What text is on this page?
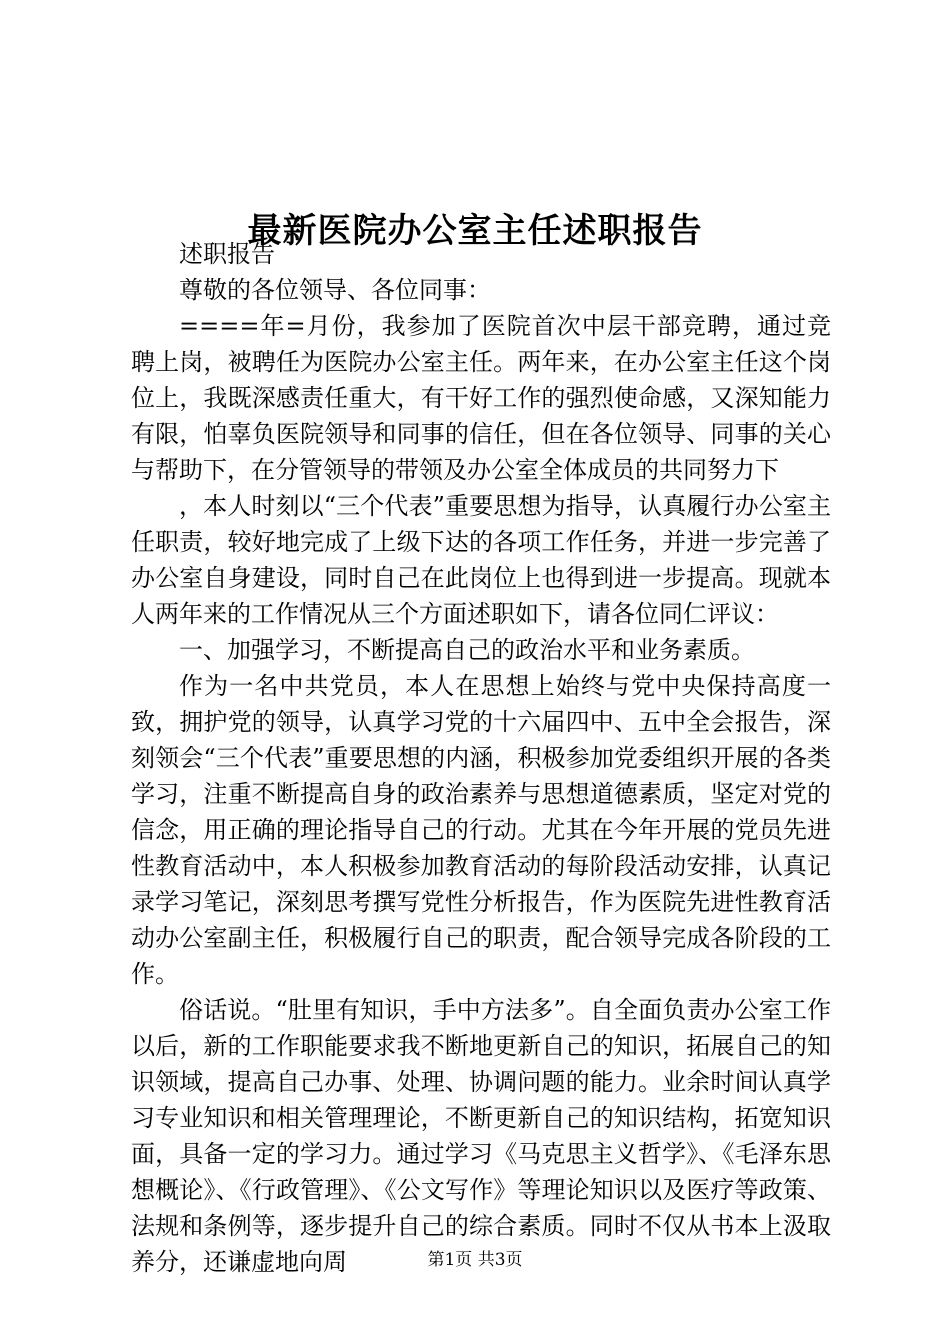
最新医院办公室主任述职报告

述职报告

尊敬的各位领导、各位同事：

====年=月份，我参加了医院首次中层干部竞聘，通过竞聘上岗，被聘任为医院办公室主任。两年来，在办公室主任这个岗位上，我既深感责任重大，有干好工作的强烈使命感，又深知能力有限，怕辜负医院领导和同事的信任，但在各位领导、同事的关心与帮助下，在分管领导的带领及办公室全体成员的共同努力下

，本人时刻以“三个代表”重要思想为指导，认真履行办公室主任职责，较好地完成了上级下达的各项工作任务，并进一步完善了办公室自身建设，同时自己在此岗位上也得到进一步提高。现就本人两年来的工作情况从三个方面述职如下，请各位同仁评议：

一、加强学习，不断提高自己的政治水平和业务素质。

作为一名中共党员，本人在思想上始终与党中央保持高度一致，拥护党的领导，认真学习党的十六届四中、五中全会报告，深刻领会“三个代表”重要思想的内涵，积极参加党委组织开展的各类学习，注重不断提高自身的政治素养与思想道德素质，坚定对党的信念，用正确的理论指导自己的行动。尤其在今年开展的党员先进性教育活动中，本人积极参加教育活动的每阶段活动安排，认真记录学习笔记，深刻思考撰写党性分析报告，作为医院先进性教育活动办公室副主任，积极履行自己的职责，配合领导完成各阶段的工作。

俗话说。“肚里有知识，手中方法多”。自全面负责办公室工作以后，新的工作职能要求我不断地更新自己的知识，拓展自己的知识领域，提高自己办事、处理、协调问题的能力。业余时间认真学习专业知识和相关管理理论，不断更新自己的知识结构，拓宽知识面，具备一定的学习力。通过学习《马克思主义哲学》、《毛泽东思想概论》、《行政管理》、《公文写作》等理论知识以及医疗等政策、法规和条例等，逐步提升自己的综合素质。同时不仅从书本上汲取养分，还谦虚地向周	第1页 共3页
